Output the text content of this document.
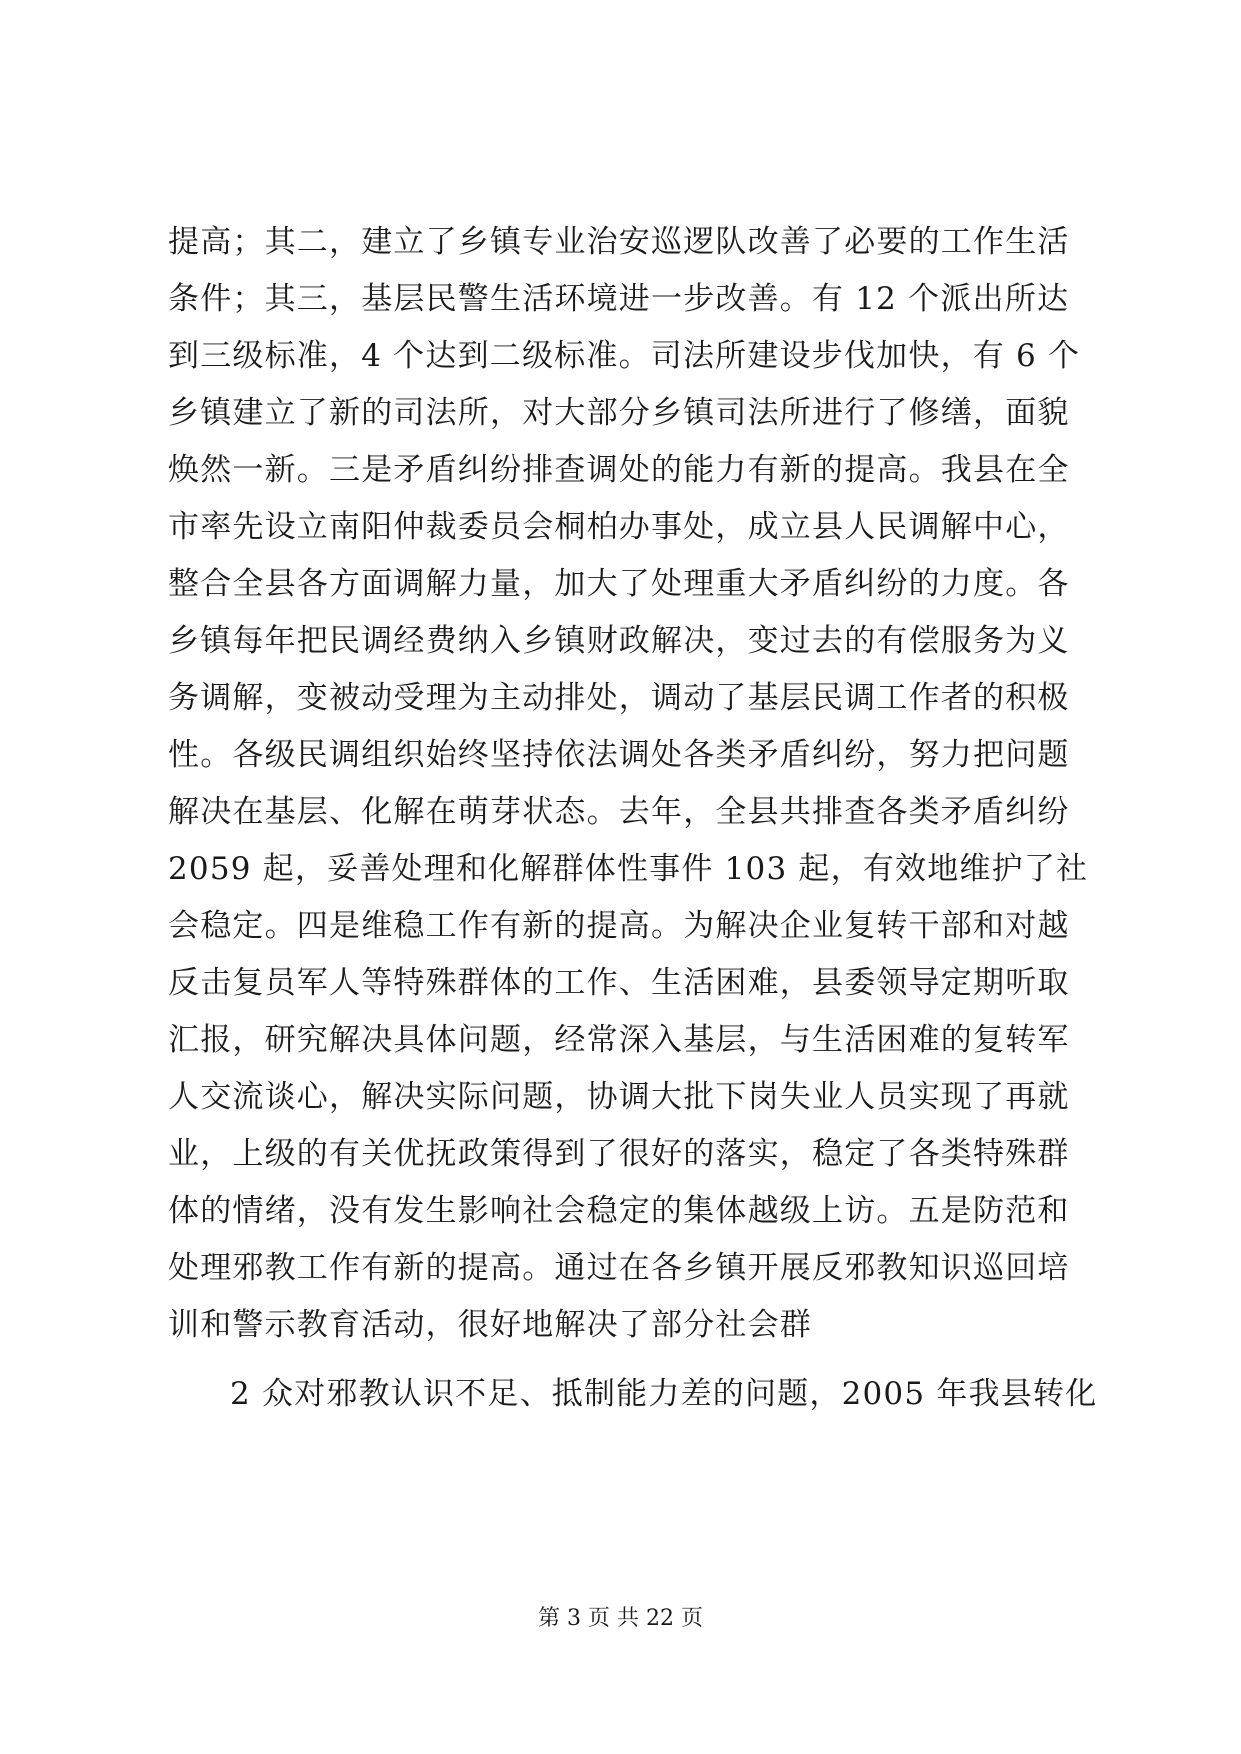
提高；其二，建立了乡镇专业治安巡逻队改善了必要的工作生活
条件；其三，基层民警生活环境进一步改善。有 12 个派出所达
到三级标准，4 个达到二级标准。司法所建设步伐加快，有 6 个
乡镇建立了新的司法所，对大部分乡镇司法所进行了修缮，面貌
焕然一新。三是矛盾纠纷排查调处的能力有新的提高。我县在全
市率先设立南阳仲裁委员会桐柏办事处，成立县人民调解中心，
整合全县各方面调解力量，加大了处理重大矛盾纠纷的力度。各
乡镇每年把民调经费纳入乡镇财政解决，变过去的有偿服务为义
务调解，变被动受理为主动排处，调动了基层民调工作者的积极
性。各级民调组织始终坚持依法调处各类矛盾纠纷，努力把问题
解决在基层、化解在萌芽状态。去年，全县共排查各类矛盾纠纷
2059 起，妥善处理和化解群体性事件 103 起，有效地维护了社
会稳定。四是维稳工作有新的提高。为解决企业复转干部和对越
反击复员军人等特殊群体的工作、生活困难，县委领导定期听取
汇报，研究解决具体问题，经常深入基层，与生活困难的复转军
人交流谈心，解决实际问题，协调大批下岗失业人员实现了再就
业，上级的有关优抚政策得到了很好的落实，稳定了各类特殊群
体的情绪，没有发生影响社会稳定的集体越级上访。五是防范和
处理邪教工作有新的提高。通过在各乡镇开展反邪教知识巡回培
训和警示教育活动，很好地解决了部分社会群
2 众对邪教认识不足、抵制能力差的问题，2005 年我县转化
第 3 页 共 22 页
